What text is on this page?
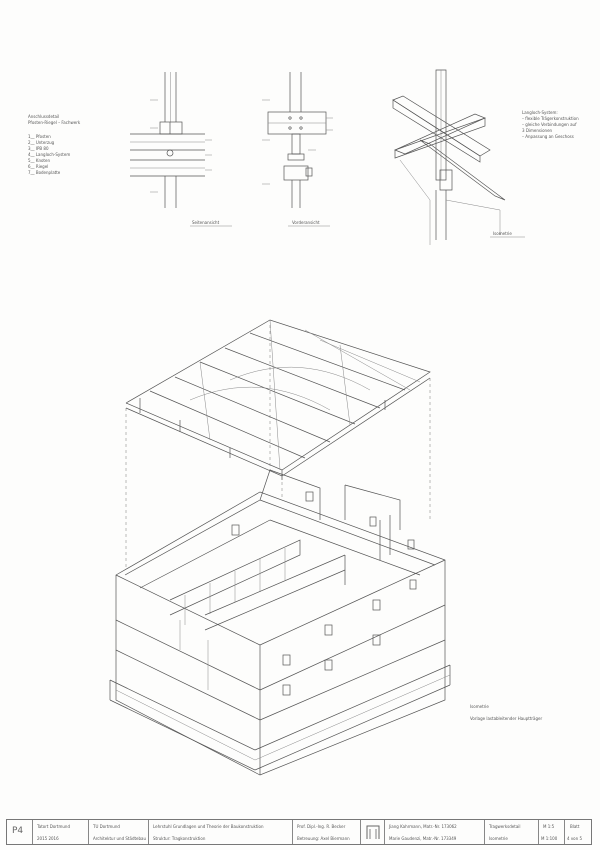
Anschlussdetail
Pfosten-Riegel – Fachwerk
1__ Pfosten
2__ Unterzug
3__ IPB 80
4__ Langloch-System
5__ Knoten
6__ Riegel
7__ Bodenplatte
Seitenansicht	Vorderansicht
Isometrie
Langloch-System:
– flexible Trägerkonstruktion
– gleiche Verbindungen auf
3 Dimensionen
– Anpassung an Geschoss
Isometrie
Vorlage lastableitender Hauptträger
P4	Tatort Dortmund
2015 2016
TU Dortmund
Architektur und Städtebau
Lehrstuhl Grundlagen und Theorie der Baukonstruktion
Struktur: Tragkonstruktion
Prof. Dipl.-Ing. R. Becker
Betreuung: Axel Biermann
Jiang Kahrmann, Matr.-Nr. 173062
Marie Gaudenzi, Matr.-Nr. 173349
Tragwerksdetail
Isometrie
M 1:5
M 1:100
Blatt
4 von 5
